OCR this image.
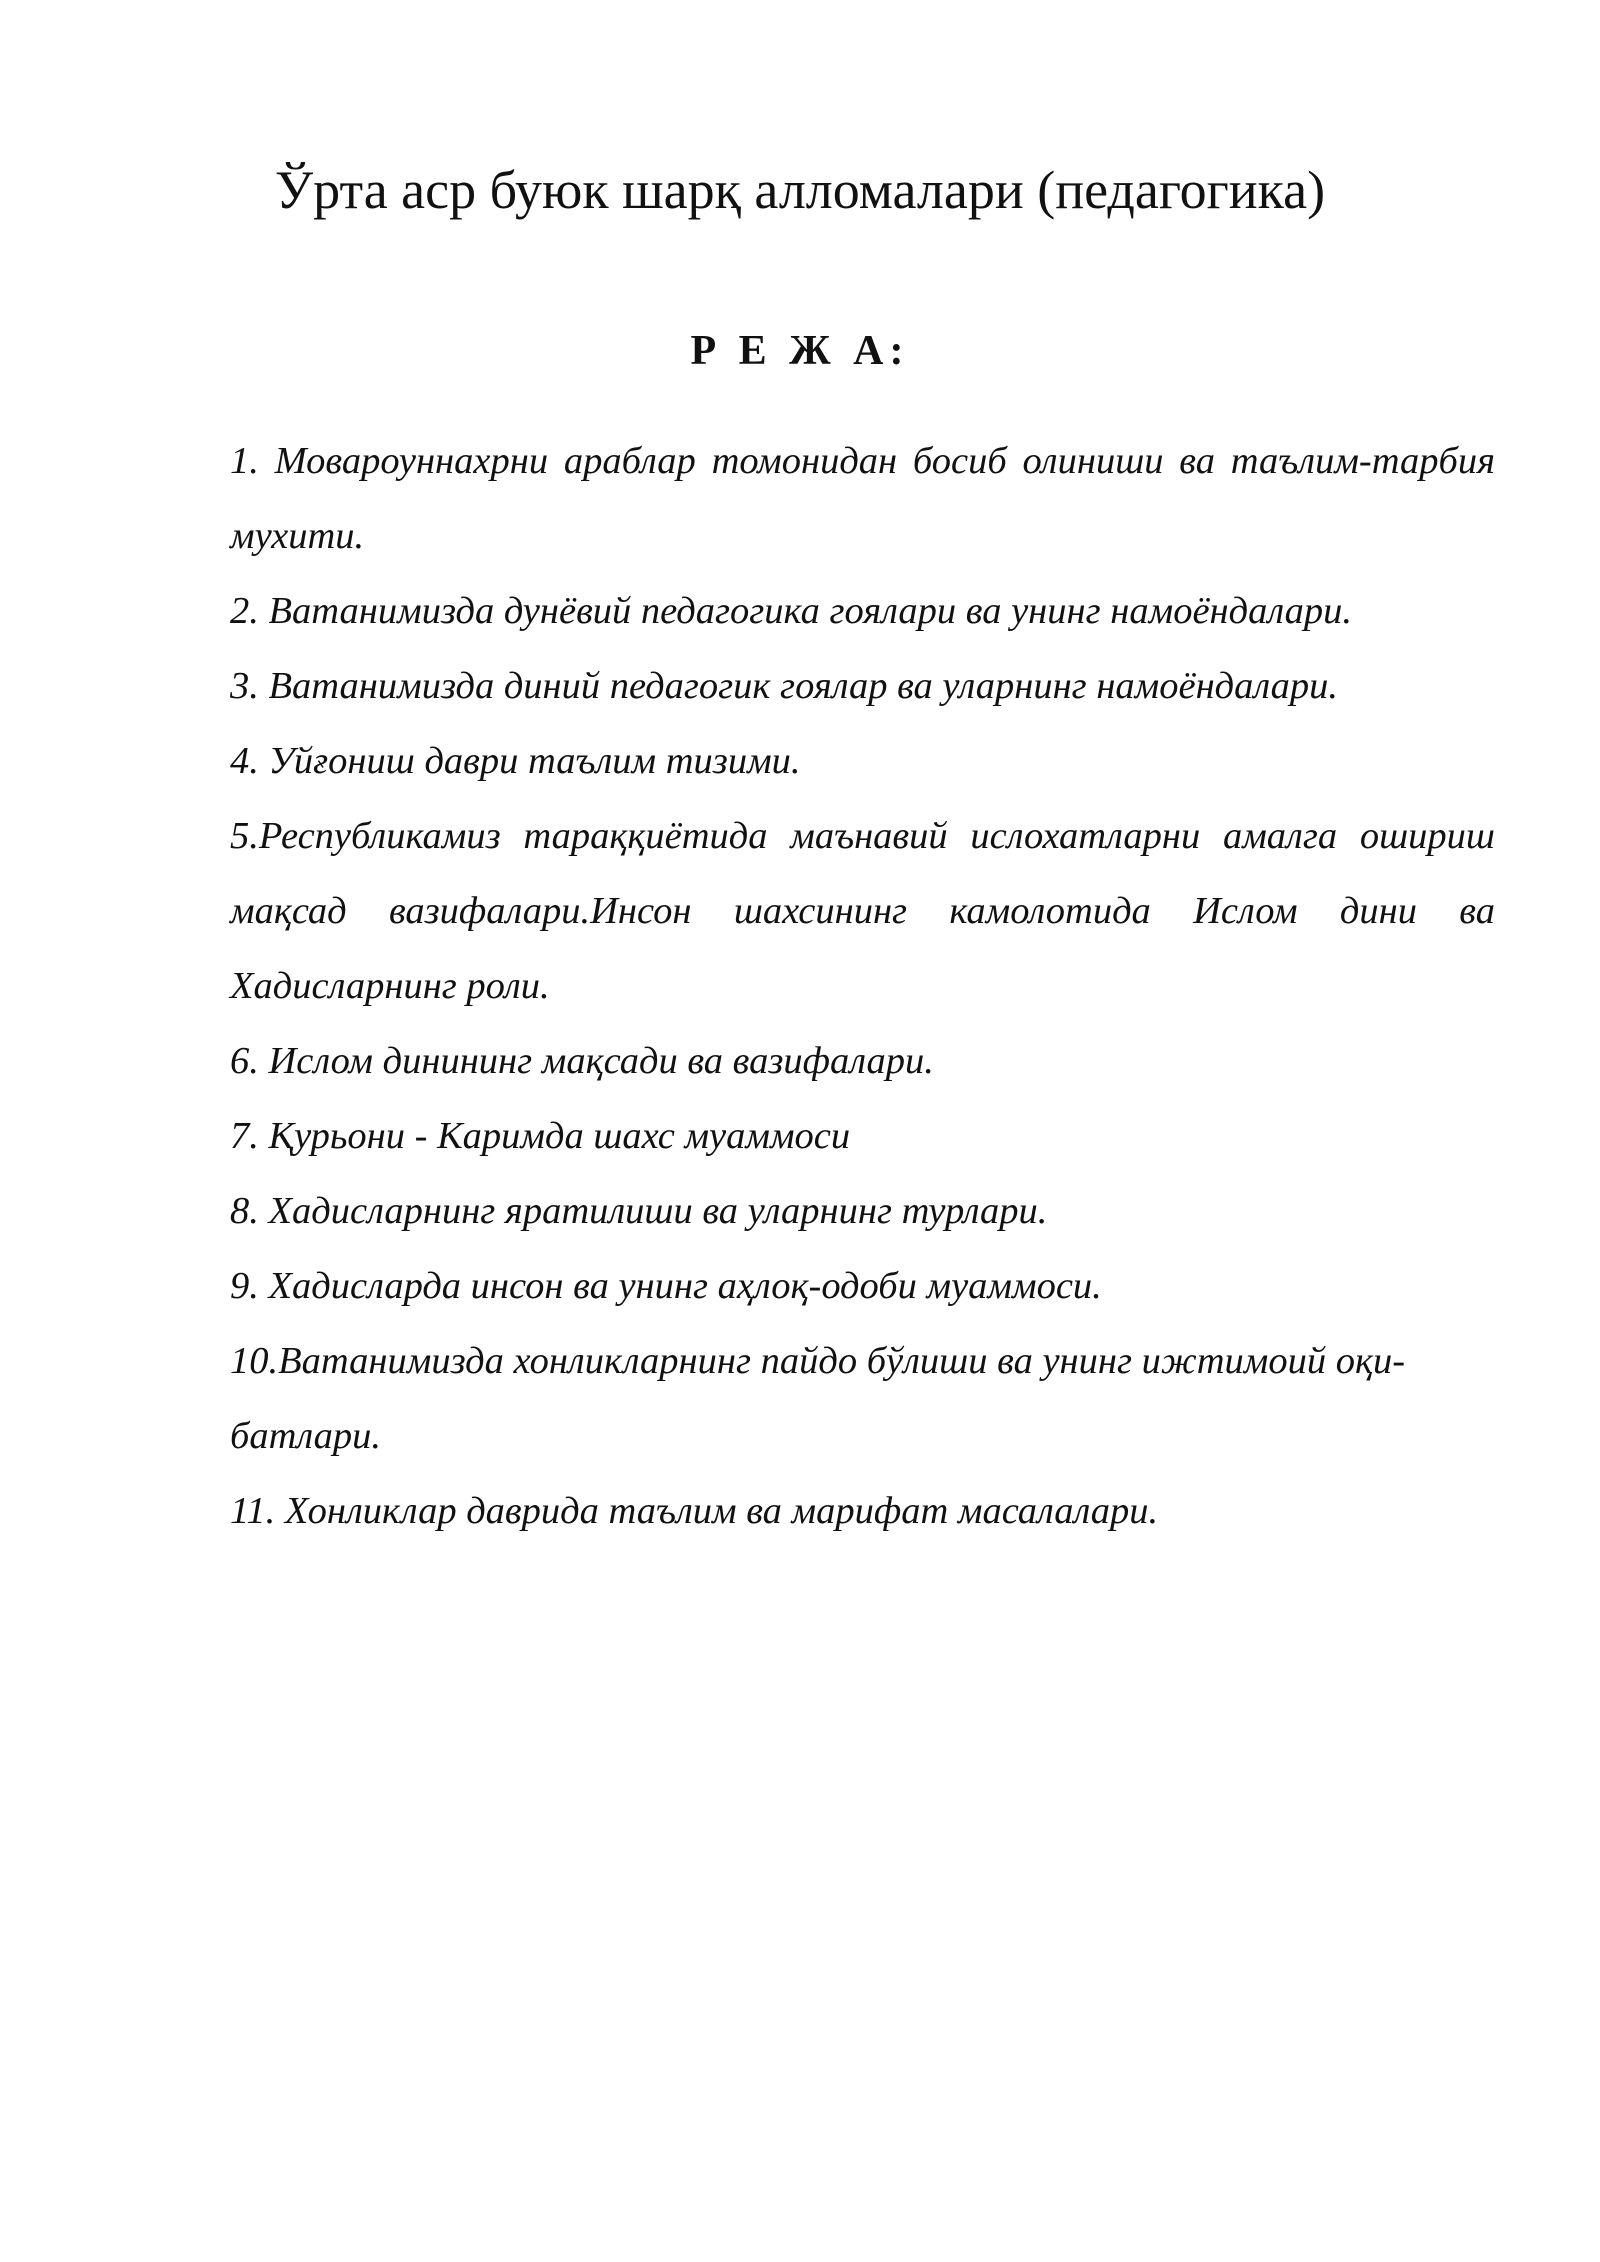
Ўрта аср буюк шарқ алломалари (педагогика)
Р Е Ж А:
1. Мовароуннахрни араблар томонидан босиб олиниши ва таълим-тарбия мухити.
2. Ватанимизда дунёвий педагогика гоялари ва унинг намоёндалари.
3. Ватанимизда диний педагогик гоялар ва уларнинг намоёндалари.
4. Уйғониш даври таълим тизими.
5.Республикамиз тараққиётида маънавий ислохатларни амалга ошириш мақсад вазифалари.Инсон шахсининг камолотида Ислом дини ва Хадисларнинг роли.
6. Ислом динининг мақсади ва вазифалари.
7. Қурьони - Каримда шахс муаммоси
8. Хадисларнинг яратилиши ва уларнинг турлари.
9. Хадисларда инсон ва унинг аҳлоқ-одоби муаммоси.
10.Ватанимизда хонликларнинг пайдо бўлиши ва унинг ижтимоий оқи-
батлари.
11. Хонликлар даврида таълим ва марифат масалалари.
